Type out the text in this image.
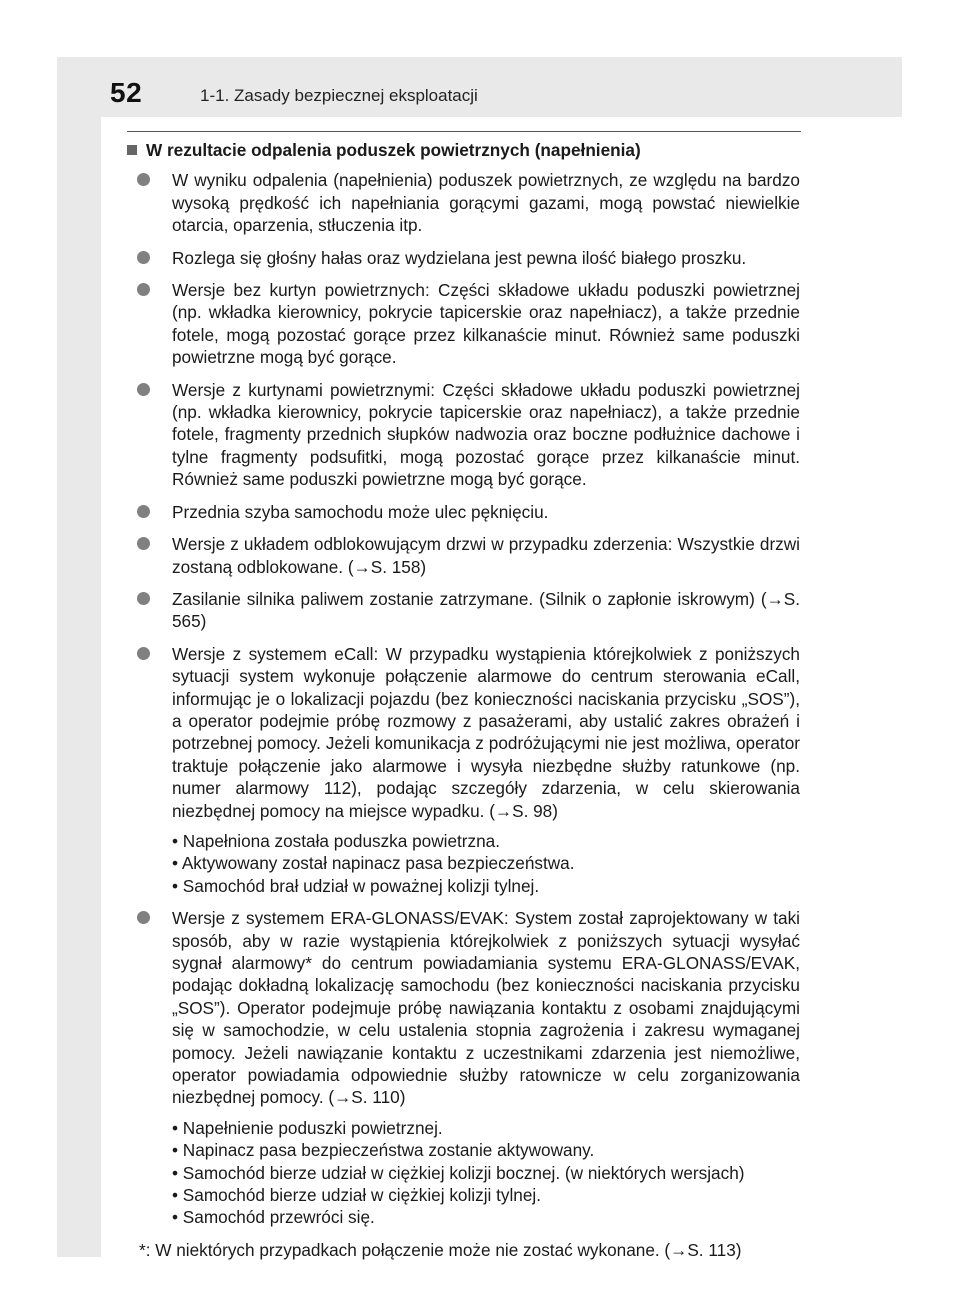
52	1-1. Zasady bezpiecznej eksploatacji
W rezultacie odpalenia poduszek powietrznych (napełnienia)
W wyniku odpalenia (napełnienia) poduszek powietrznych, ze względu na bardzo wysoką prędkość ich napełniania gorącymi gazami, mogą powstać niewielkie otarcia, oparzenia, stłuczenia itp.
Rozlega się głośny hałas oraz wydzielana jest pewna ilość białego proszku.
Wersje bez kurtyn powietrznych: Części składowe układu poduszki powietrznej (np. wkładka kierownicy, pokrycie tapicerskie oraz napełniacz), a także przednie fotele, mogą pozostać gorące przez kilkanaście minut. Również same poduszki powietrzne mogą być gorące.
Wersje z kurtynami powietrznymi: Części składowe układu poduszki powietrznej (np. wkładka kierownicy, pokrycie tapicerskie oraz napełniacz), a także przednie fotele, fragmenty przednich słupków nadwozia oraz boczne podłużnice dachowe i tylne fragmenty podsufitki, mogą pozostać gorące przez kilkanaście minut. Również same poduszki powietrzne mogą być gorące.
Przednia szyba samochodu może ulec pęknięciu.
Wersje z układem odblokowującym drzwi w przypadku zderzenia: Wszystkie drzwi zostaną odblokowane. (→S. 158)
Zasilanie silnika paliwem zostanie zatrzymane. (Silnik o zapłonie iskrowym) (→S. 565)
Wersje z systemem eCall: W przypadku wystąpienia którejkolwiek z poniższych sytuacji system wykonuje połączenie alarmowe do centrum sterowania eCall, informując je o lokalizacji pojazdu (bez konieczności naciskania przycisku „SOS”), a operator podejmie próbę rozmowy z pasażerami, aby ustalić zakres obrażeń i potrzebnej pomocy. Jeżeli komunikacja z podróżującymi nie jest możliwa, operator traktuje połączenie jako alarmowe i wysyła niezbędne służby ratunkowe (np. numer alarmowy 112), podając szczegóły zdarzenia, w celu skierowania niezbędnej pomocy na miejsce wypadku. (→S. 98)
• Napełniona została poduszka powietrzna.
• Aktywowany został napinacz pasa bezpieczeństwa.
• Samochód brał udział w poważnej kolizji tylnej.
Wersje z systemem ERA-GLONASS/EVAK: System został zaprojektowany w taki sposób, aby w razie wystąpienia którejkolwiek z poniższych sytuacji wysyłać sygnał alarmowy* do centrum powiadamiania systemu ERA-GLONASS/EVAK, podając dokładną lokalizację samochodu (bez konieczności naciskania przycisku „SOS”). Operator podejmuje próbę nawiązania kontaktu z osobami znajdującymi się w samochodzie, w celu ustalenia stopnia zagrożenia i zakresu wymaganej pomocy. Jeżeli nawiązanie kontaktu z uczestnikami zdarzenia jest niemożliwe, operator powiadamia odpowiednie służby ratownicze w celu zorganizowania niezbędnej pomocy. (→S. 110)
• Napełnienie poduszki powietrznej.
• Napinacz pasa bezpieczeństwa zostanie aktywowany.
• Samochód bierze udział w ciężkiej kolizji bocznej. (w niektórych wersjach)
• Samochód bierze udział w ciężkiej kolizji tylnej.
• Samochód przewróci się.
*: W niektórych przypadkach połączenie może nie zostać wykonane. (→S. 113)
